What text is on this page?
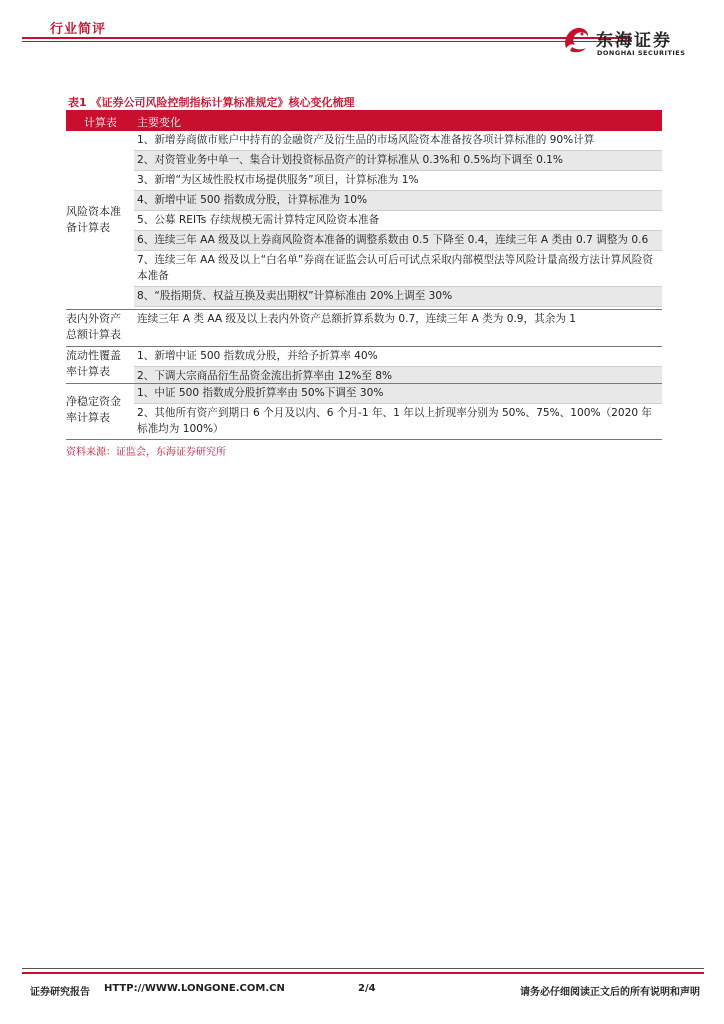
行业简评
东海证券
DONGHAI SECURITIES
表1 《证券公司风险控制指标计算标准规定》核心变化梳理
计算表 主要变化
风险资本准备计算表
1、新增券商做市账户中持有的金融资产及衍生品的市场风险资本准备按各项计算标准的 90%计算
2、对资管业务中单一、集合计划投资标品资产的计算标准从 0.3%和 0.5%均下调至 0.1%
3、新增“为区域性股权市场提供服务”项目，计算标准为 1%
4、新增中证 500 指数成分股，计算标准为 10%
5、公募 REITs 存续规模无需计算特定风险资本准备
6、连续三年 AA 级及以上券商风险资本准备的调整系数由 0.5 下降至 0.4，连续三年 A 类由 0.7 调整为 0.6
7、连续三年 AA 级及以上“白名单”券商在证监会认可后可试点采取内部模型法等风险计量高级方法计算风险资本准备
8、“股指期货、权益互换及卖出期权”计算标准由 20%上调至 30%
表内外资产总额计算表
连续三年 A 类 AA 级及以上表内外资产总额折算系数为 0.7，连续三年 A 类为 0.9，其余为 1
流动性覆盖率计算表
1、新增中证 500 指数成分股，并给予折算率 40%
2、下调大宗商品衍生品资金流出折算率由 12%至 8%
净稳定资金率计算表
1、中证 500 指数成分股折算率由 50%下调至 30%
2、其他所有资产到期日 6 个月及以内、6 个月-1 年、1 年以上折现率分别为 50%、75%、100%（2020 年标准均为 100%）
资料来源：证监会，东海证券研究所
证券研究报告 HTTP://WWW.LONGONE.COM.CN	2/4	请务必仔细阅读正文后的所有说明和声明
